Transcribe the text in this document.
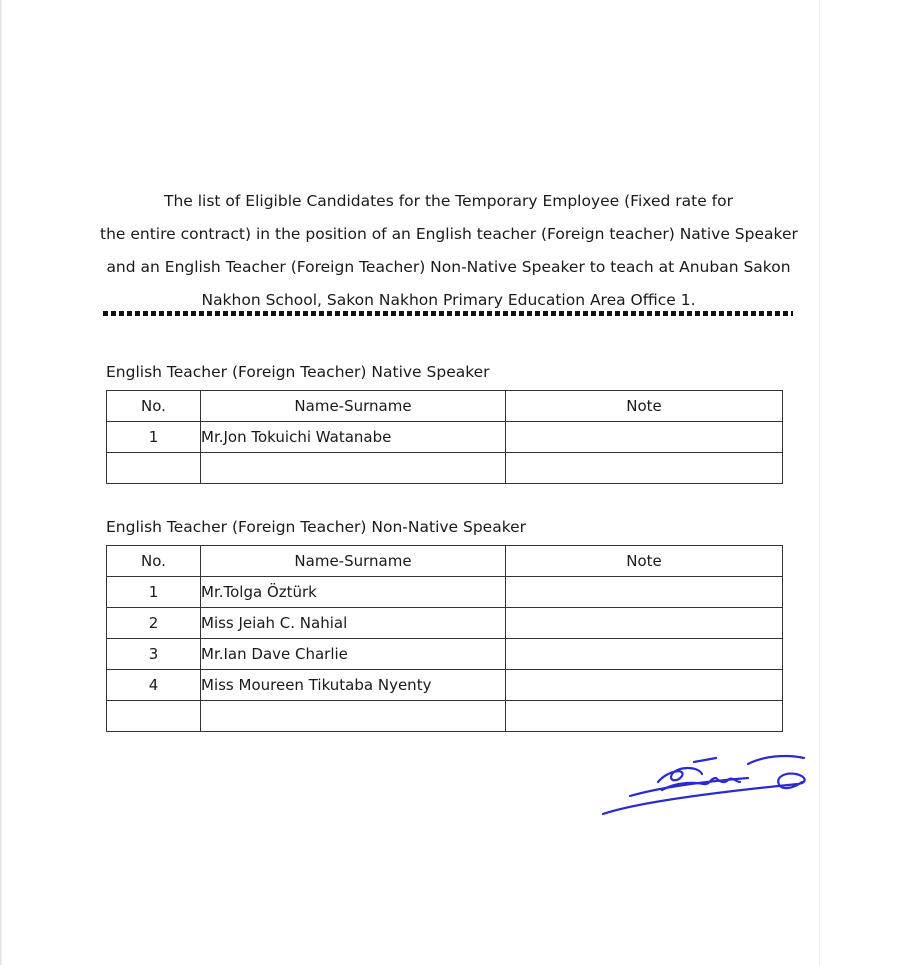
The list of Eligible Candidates for the Temporary Employee (Fixed rate for
the entire contract) in the position of an English teacher (Foreign teacher) Native Speaker
and an English Teacher (Foreign Teacher) Non-Native Speaker to teach at Anuban Sakon
Nakhon School, Sakon Nakhon Primary Education Area Office 1.
English Teacher (Foreign Teacher) Native Speaker
No.	Name-Surname	Note
1	Mr.Jon Tokuichi Watanabe	

English Teacher (Foreign Teacher) Non-Native Speaker
No.	Name-Surname	Note
1	Mr.Tolga Öztürk	
2	Miss Jeiah C. Nahial	
3	Mr.Ian Dave Charlie	
4	Miss Moureen Tikutaba Nyenty	
